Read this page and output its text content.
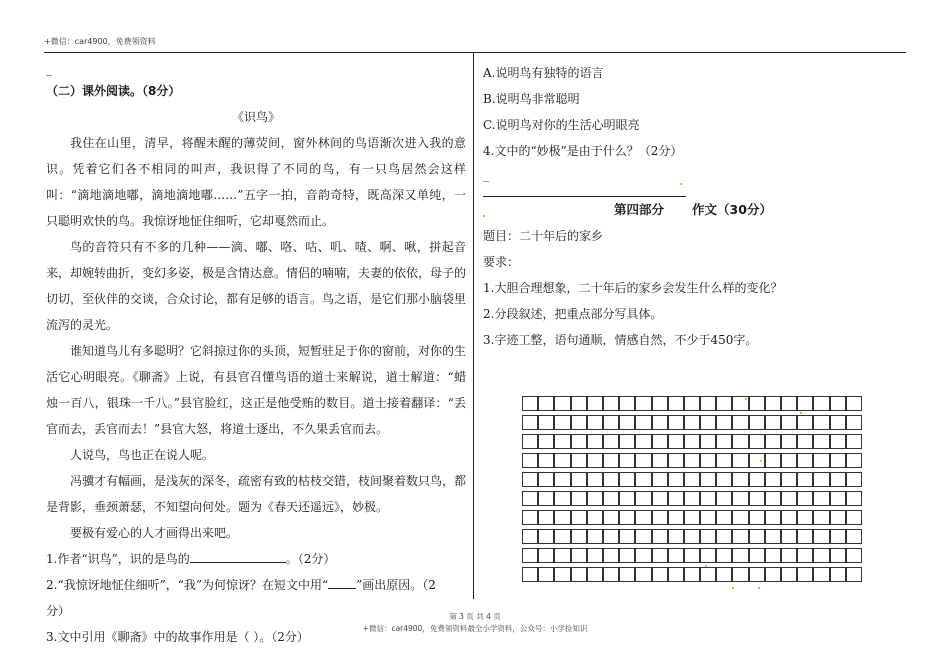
+微信：car4900，免费领资料
_

（二）课外阅读。（8分）

《识鸟》

我住在山里，清早，将醒未醒的薄荧间，窗外林间的鸟语渐次进入我的意识。凭着它们各不相同的叫声，我识得了不同的鸟，有一只鸟居然会这样叫：“滴地滴地嘟，滴地滴地嘟……”五字一拍，音韵奇特，既高深又单纯，一只聪明欢快的鸟。我惊讶地怔住细听，它却戛然而止。

鸟的音符只有不多的几种——滴、嘟、咯、咕、叽、喳、啊、啾，拼起音来，却婉转曲折，变幻多姿，极是含情达意。情侣的喃喃，夫妻的依依，母子的切切，至伙伴的交谈，合众讨论，都有足够的语言。鸟之语，是它们那小脑袋里流泻的灵光。

谁知道鸟儿有多聪明？它斜掠过你的头顶，短暂驻足于你的窗前，对你的生活它心明眼亮。《聊斋》上说，有县官召懂鸟语的道士来解说，道士解道：“蜡烛一百八，银珠一千八。”县官脸红，这正是他受贿的数目。道士接着翻译：“丢官而去，丢官而去！”县官大怒，将道士逐出，不久果丢官而去。

人说鸟，鸟也正在说人呢。

冯骥才有幅画，是浅灰的深冬，疏密有致的枯枝交错，枝间聚着数只鸟，都是背影，垂颈萧瑟，不知望向何处。题为《春天还遥远》，妙极。

要极有爱心的人才画得出来吧。

1.作者“识鸟”，识的是鸟的	。（2分）

2.“我惊讶地怔住细听”，“我”为何惊讶？在短文中用“ ”画出原因。（2

分）

3.文中引用《聊斋》中的故事作用是（ ）。（2分）

A.说明鸟有独特的语言

B.说明鸟非常聪明

C.说明鸟对你的生活心明眼亮

4.文中的“妙极”是由于什么？（2分）

_

第四部分 作文（30分）

题目：二十年后的家乡

要求：

1.大胆合理想象，二十年后的家乡会发生什么样的变化？

2.分段叙述，把重点部分写具体。

3.字迹工整，语句通顺，情感自然，不少于450字。

第 3 页 共 4 页
+微信：car4900，免费领资料最全小学资料，公众号：小学捡知识
